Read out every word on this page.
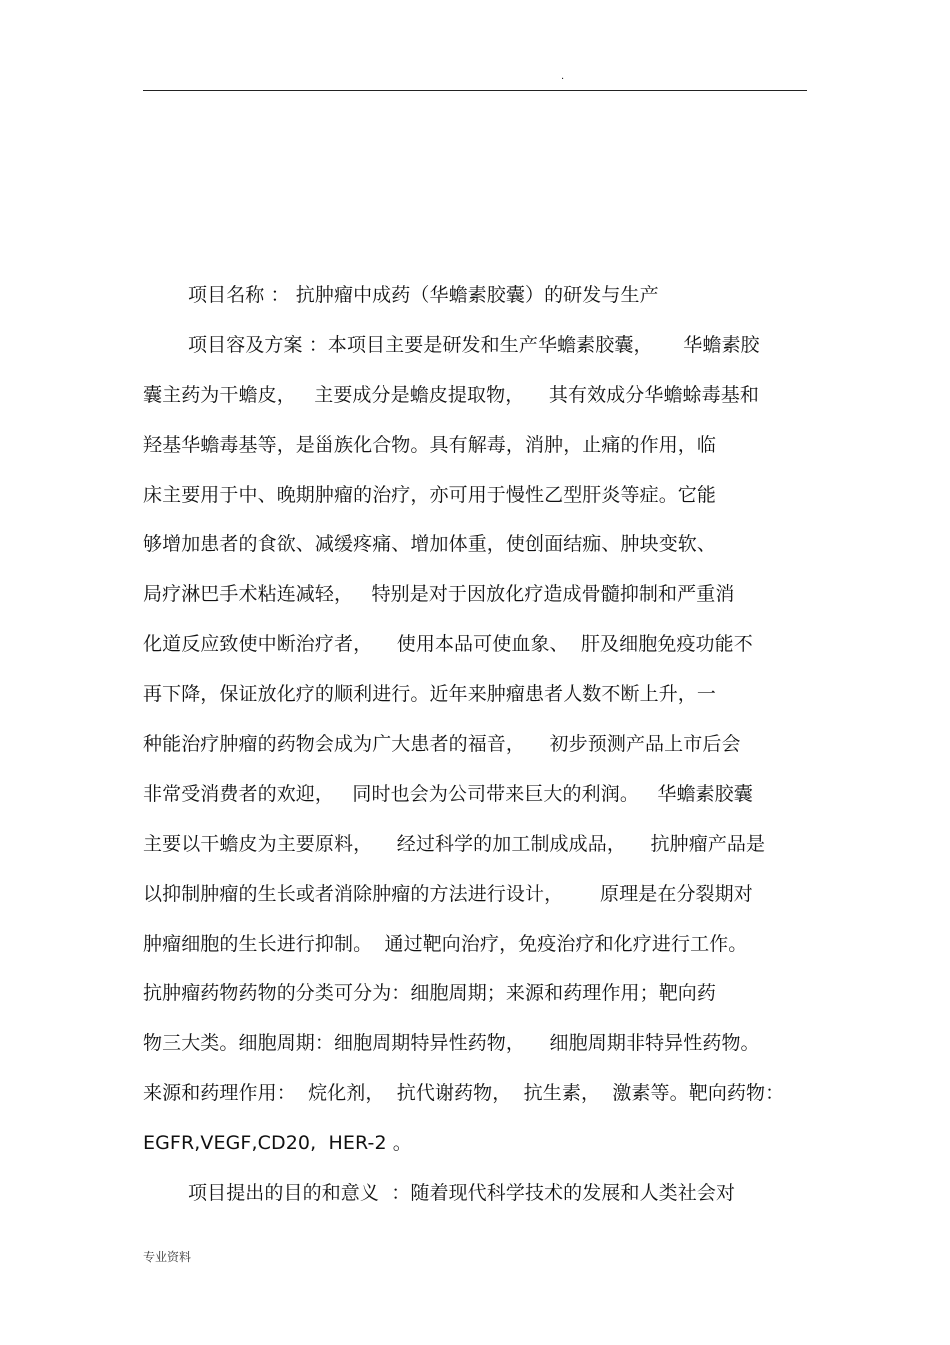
.
项目名称 ： 抗肿瘤中成药（华蟾素胶囊）的研发与生产
项目容及方案 ：本项目主要是研发和生产华蟾素胶囊，     华蟾素胶
囊主药为干蟾皮，   主要成分是蟾皮提取物，    其有效成分华蟾蜍毒基和
羟基华蟾毒基等，是甾族化合物。具有解毒，消肿，止痛的作用，临
床主要用于中、晚期肿瘤的治疗，亦可用于慢性乙型肝炎等症。它能
够增加患者的食欲、减缓疼痛、增加体重，使创面结痂、肿块变软、
局疗淋巴手术粘连减轻，   特别是对于因放化疗造成骨髓抑制和严重消
化道反应致使中断治疗者，    使用本品可使血象、  肝及细胞免疫功能不
再下降，保证放化疗的顺利进行。近年来肿瘤患者人数不断上升，一
种能治疗肿瘤的药物会成为广大患者的福音，    初步预测产品上市后会
非常受消费者的欢迎，   同时也会为公司带来巨大的利润。   华蟾素胶囊
主要以干蟾皮为主要原料，    经过科学的加工制成成品，    抗肿瘤产品是
以抑制肿瘤的生长或者消除肿瘤的方法进行设计，      原理是在分裂期对
肿瘤细胞的生长进行抑制。  通过靶向治疗，免疫治疗和化疗进行工作。
抗肿瘤药物药物的分类可分为：细胞周期；来源和药理作用；靶向药
物三大类。细胞周期：细胞周期特异性药物，    细胞周期非特异性药物。
来源和药理作用：  烷化剂，  抗代谢药物，  抗生素，  激素等。靶向药物：
EGFR,VEGF,CD20,  HER-2 。
项目提出的目的和意义  ：随着现代科学技术的发展和人类社会对
专业资料
